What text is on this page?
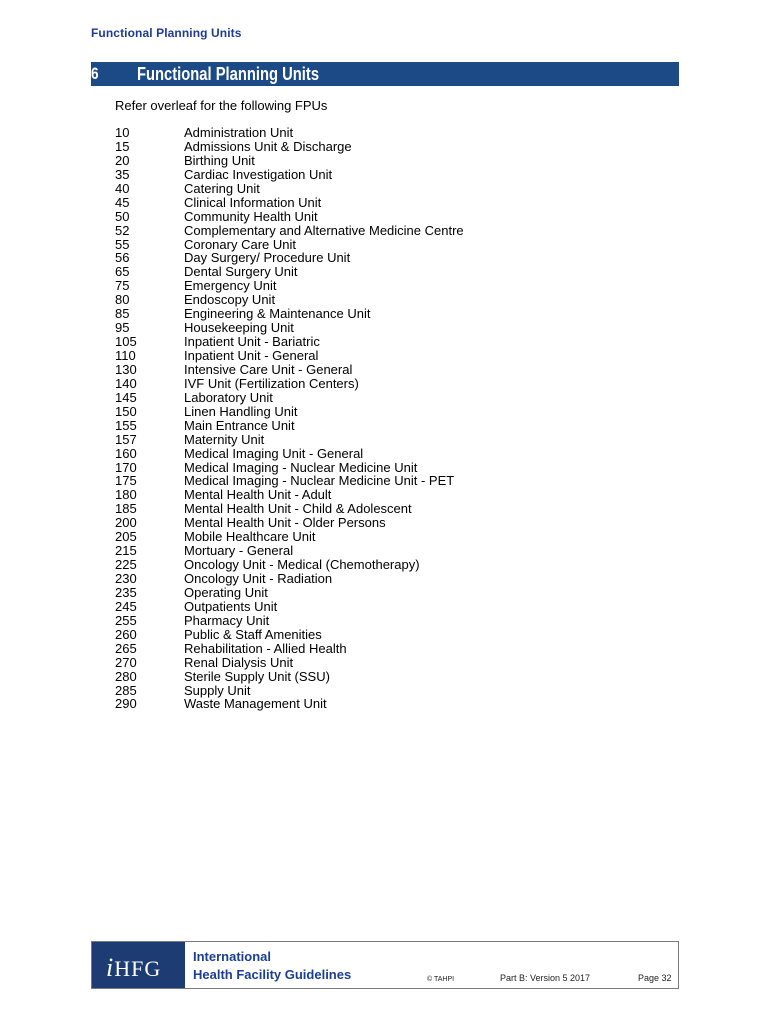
Functional Planning Units
6 Functional Planning Units
Refer overleaf for the following FPUs
10	Administration Unit
15	Admissions Unit & Discharge
20	Birthing Unit
35	Cardiac Investigation Unit
40	Catering Unit
45	Clinical Information Unit
50	Community Health Unit
52	Complementary and Alternative Medicine Centre
55	Coronary Care Unit
56	Day Surgery/ Procedure Unit
65	Dental Surgery Unit
75	Emergency Unit
80	Endoscopy Unit
85	Engineering & Maintenance Unit
95	Housekeeping Unit
105	Inpatient Unit - Bariatric
110	Inpatient Unit - General
130	Intensive Care Unit - General
140	IVF Unit (Fertilization Centers)
145	Laboratory Unit
150	Linen Handling Unit
155	Main Entrance Unit
157	Maternity Unit
160	Medical Imaging Unit - General
170	Medical Imaging - Nuclear Medicine Unit
175	Medical Imaging - Nuclear Medicine Unit - PET
180	Mental Health Unit - Adult
185	Mental Health Unit - Child & Adolescent
200	Mental Health Unit - Older Persons
205	Mobile Healthcare Unit
215	Mortuary - General
225	Oncology Unit - Medical (Chemotherapy)
230	Oncology Unit - Radiation
235	Operating Unit
245	Outpatients Unit
255	Pharmacy Unit
260	Public & Staff Amenities
265	Rehabilitation - Allied Health
270	Renal Dialysis Unit
280	Sterile Supply Unit (SSU)
285	Supply Unit
290	Waste Management Unit
iHFG International
Health Facility Guidelines	© TAHPI	Part B: Version 5 2017	Page 32
